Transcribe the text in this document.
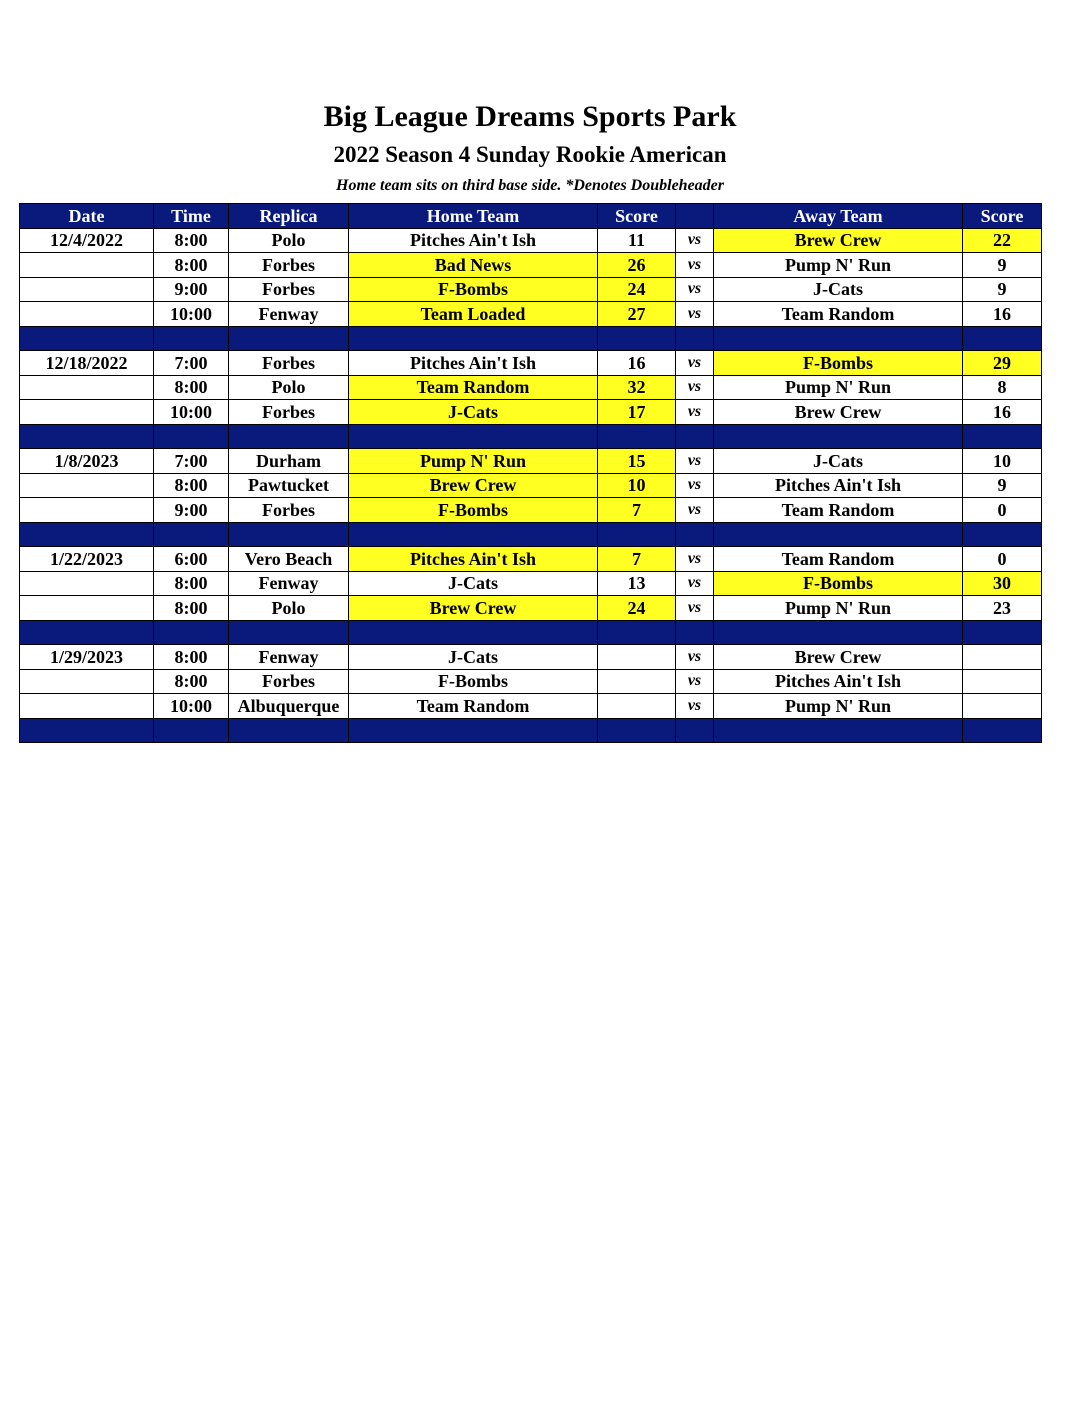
Big League Dreams Sports Park
2022 Season 4 Sunday Rookie American
Home team sits on third base side. *Denotes Doubleheader
Date	Time	Replica	Home Team	Score		Away Team	Score
12/4/2022	8:00	Polo	Pitches Ain't Ish	11	vs	Brew Crew	22
	8:00	Forbes	Bad News	26	vs	Pump N' Run	9
	9:00	Forbes	F-Bombs	24	vs	J-Cats	9
	10:00	Fenway	Team Loaded	27	vs	Team Random	16

12/18/2022	7:00	Forbes	Pitches Ain't Ish	16	vs	F-Bombs	29
	8:00	Polo	Team Random	32	vs	Pump N' Run	8
	10:00	Forbes	J-Cats	17	vs	Brew Crew	16

1/8/2023	7:00	Durham	Pump N' Run	15	vs	J-Cats	10
	8:00	Pawtucket	Brew Crew	10	vs	Pitches Ain't Ish	9
	9:00	Forbes	F-Bombs	7	vs	Team Random	0

1/22/2023	6:00	Vero Beach	Pitches Ain't Ish	7	vs	Team Random	0
	8:00	Fenway	J-Cats	13	vs	F-Bombs	30
	8:00	Polo	Brew Crew	24	vs	Pump N' Run	23

1/29/2023	8:00	Fenway	J-Cats		vs	Brew Crew	
	8:00	Forbes	F-Bombs		vs	Pitches Ain't Ish	
	10:00	Albuquerque	Team Random		vs	Pump N' Run	
